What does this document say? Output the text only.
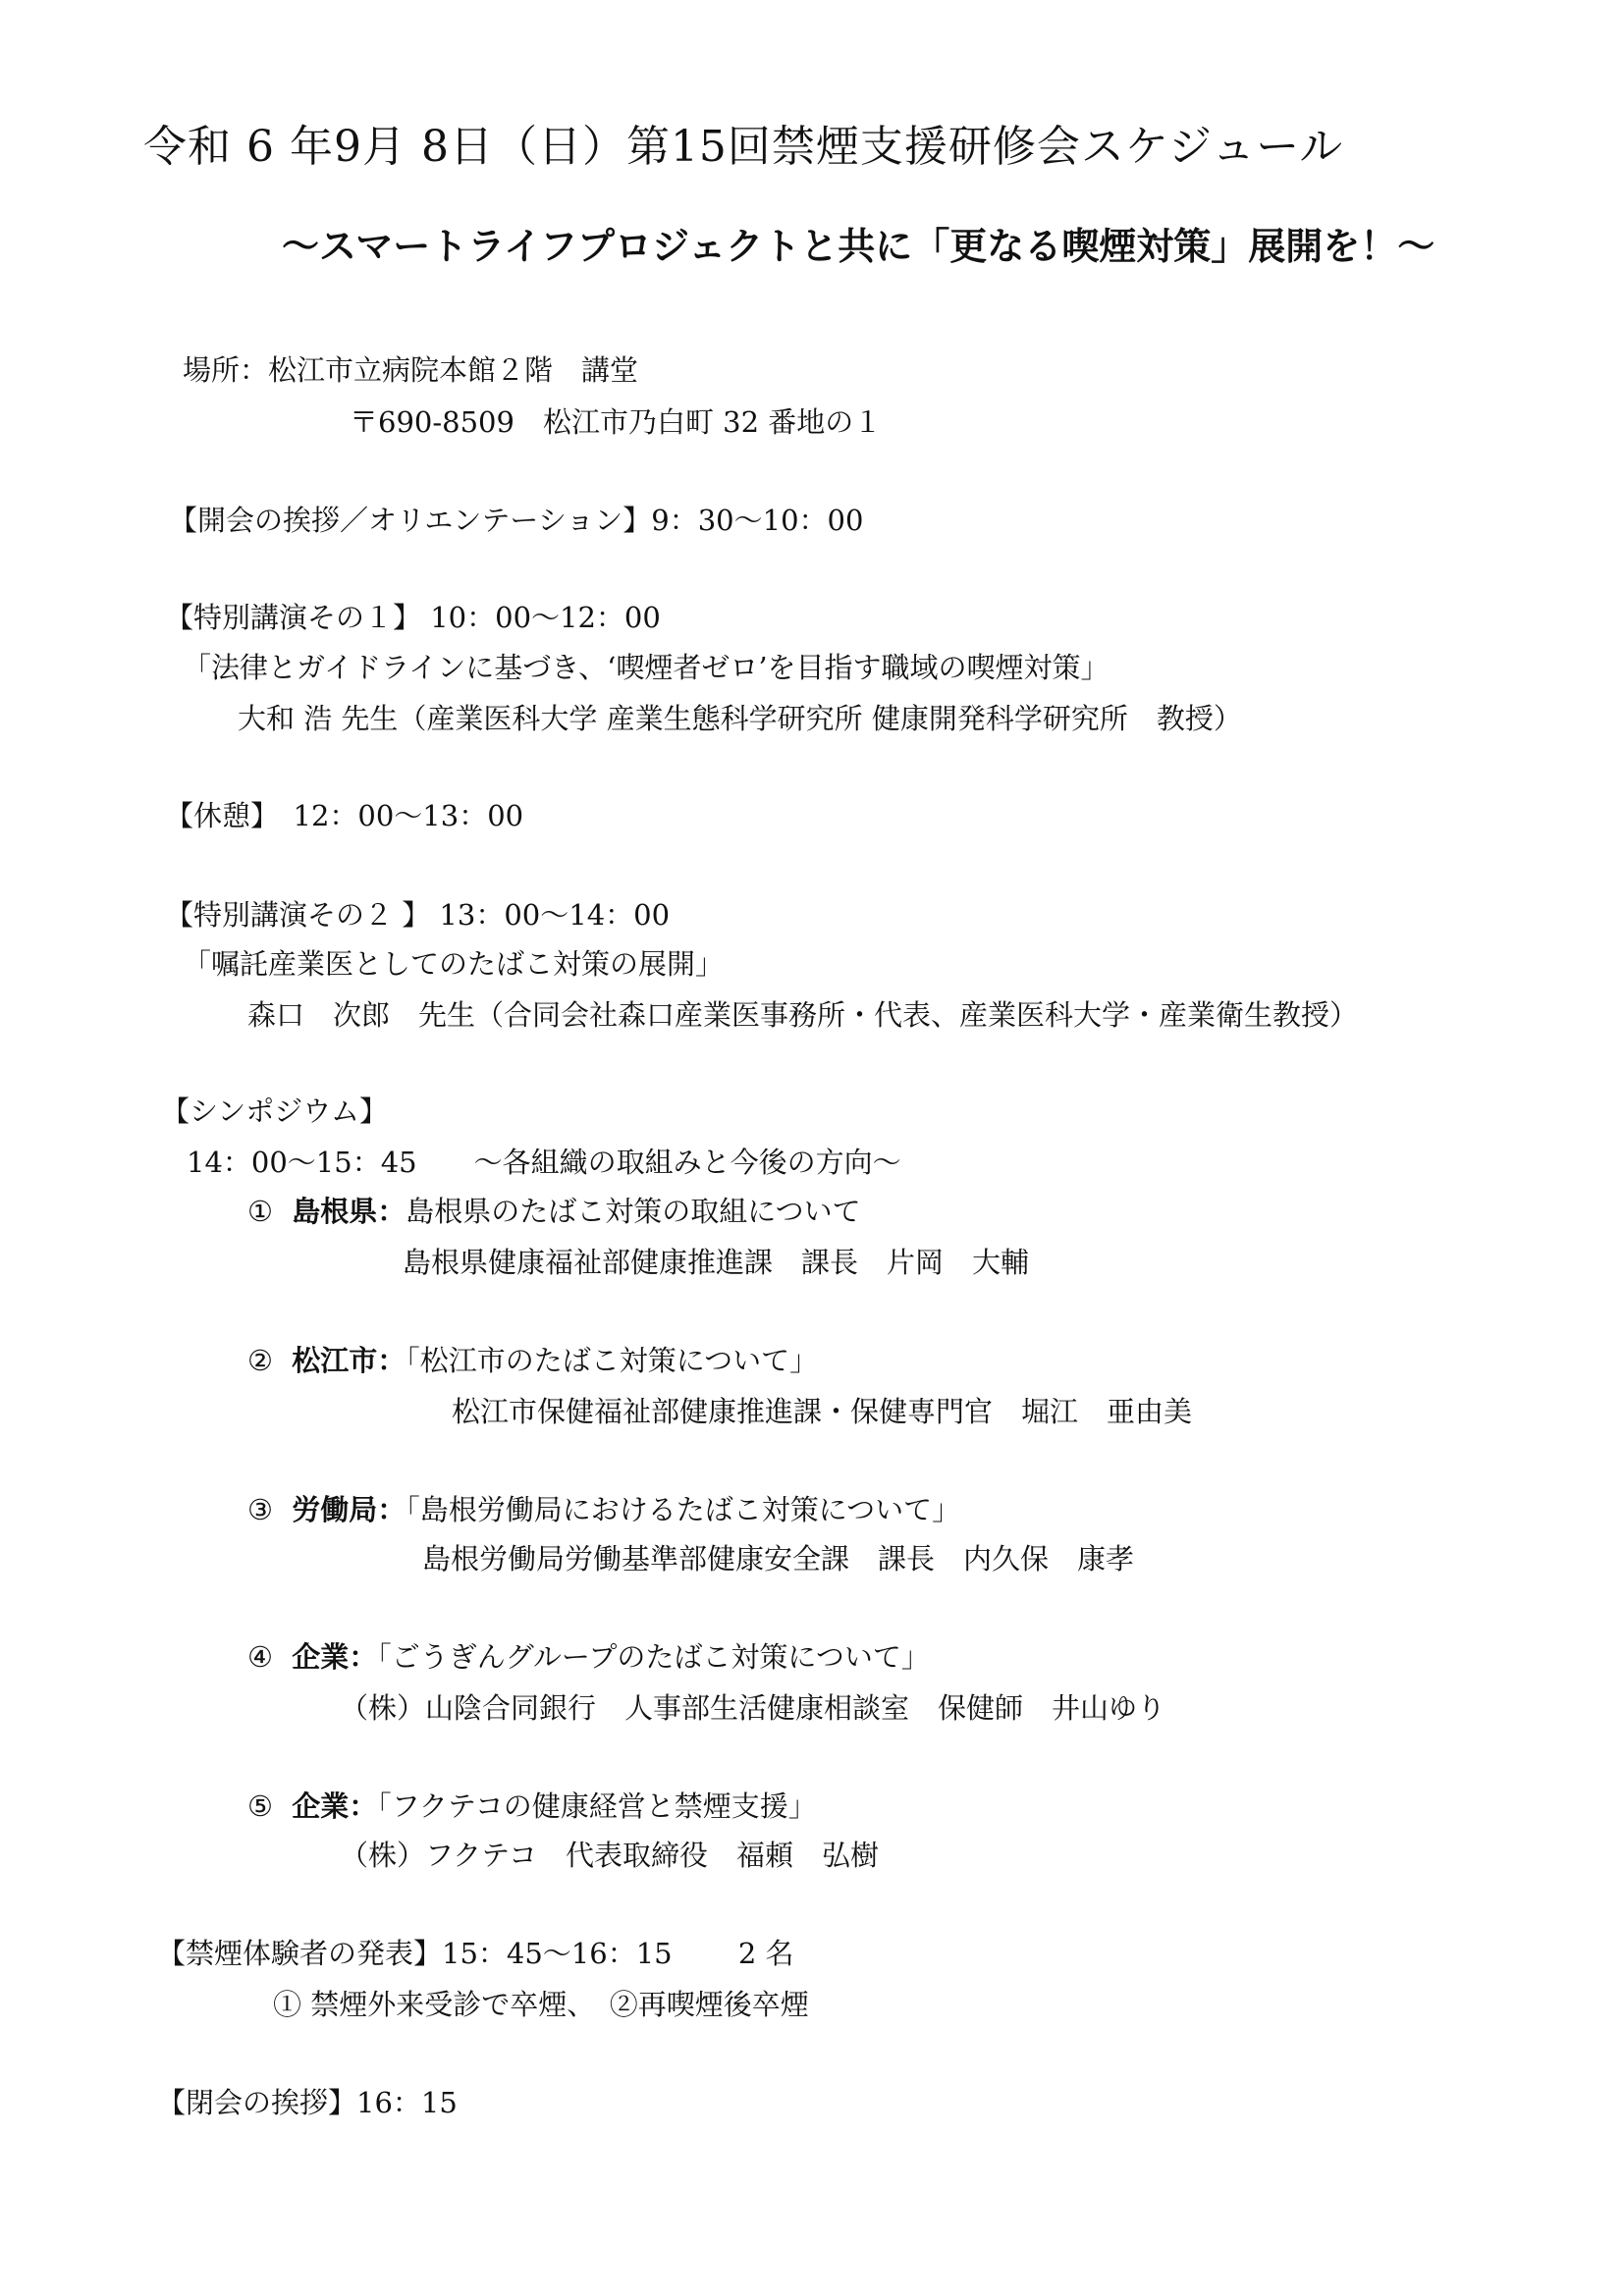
令和 6 年9月 8日（日）第15回禁煙支援研修会スケジュール
～スマートライフプロジェクトと共に「更なる喫煙対策」展開を！～
場所：松江市立病院本館２階　講堂
〒690-8509　松江市乃白町 32 番地の１
【開会の挨拶／オリエンテーション】9：30～10：00
【特別講演その１】 10：00～12：00
「法律とガイドラインに基づき、‘喫煙者ゼロ’を目指す職域の喫煙対策」
大和 浩 先生（産業医科大学 産業生態科学研究所 健康開発科学研究所　教授）
【休憩】　12：00～13：00
【特別講演その２ 】 13：00～14：00
「嘱託産業医としてのたばこ対策の展開」
森口　次郎　先生（合同会社森口産業医事務所・代表、産業医科大学・産業衛生教授）
【シンポジウム】
14：00～15：45　　～各組織の取組みと今後の方向～
① 島根県：島根県のたばこ対策の取組について
島根県健康福祉部健康推進課　課長　片岡　大輔
② 松江市：「松江市のたばこ対策について」
松江市保健福祉部健康推進課・保健専門官　堀江　亜由美
③ 労働局：「島根労働局におけるたばこ対策について」
島根労働局労働基準部健康安全課　課長　内久保　康孝
④ 企業：「ごうぎんグループのたばこ対策について」
（株）山陰合同銀行　人事部生活健康相談室　保健師　井山ゆり
⑤ 企業：「フクテコの健康経営と禁煙支援」
（株）フクテコ　代表取締役　福頼　弘樹
【禁煙体験者の発表】15：45～16：15　　 2 名
① 禁煙外来受診で卒煙、　②再喫煙後卒煙
【閉会の挨拶】16：15
